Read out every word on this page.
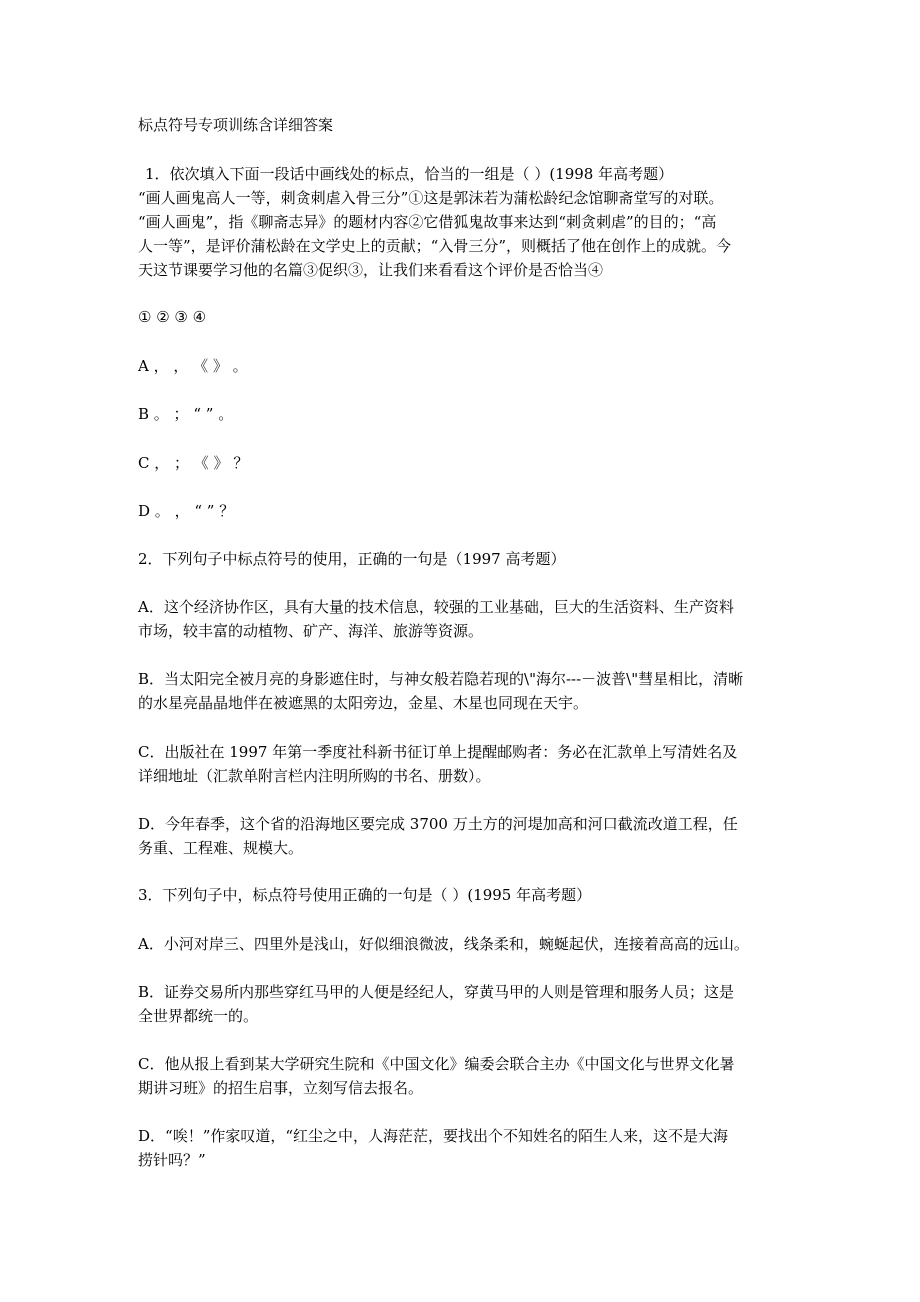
标点符号专项训练含详细答案
1．依次填入下面一段话中画线处的标点，恰当的一组是（ ）(1998 年高考题）
“画人画鬼高人一等，刺贪刺虐入骨三分”①这是郭沫若为蒲松龄纪念馆聊斋堂写的对联。
“画人画鬼”，指《聊斋志异》的题材内容②它借狐鬼故事来达到“刺贪刺虐”的目的；“高
人一等”，是评价蒲松龄在文学史上的贡献；“入骨三分”，则概括了他在创作上的成就。今
天这节课要学习他的名篇③促织③，让我们来看看这个评价是否恰当④
① ② ③ ④
A ， ， 《 》 。
B 。 ； “ ” 。
C ， ； 《 》 ？
D 。 ， “ ” ？
2．下列句子中标点符号的使用，正确的一句是（1997 高考题）
A．这个经济协作区，具有大量的技术信息，较强的工业基础，巨大的生活资料、生产资料
市场，较丰富的动植物、矿产、海洋、旅游等资源。
B．当太阳完全被月亮的身影遮住时，与神女般若隐若现的\"海尔---－波普\"彗星相比，清晰
的水星亮晶晶地伴在被遮黑的太阳旁边，金星、木星也同现在天宇。
C．出版社在 1997 年第一季度社科新书征订单上提醒邮购者：务必在汇款单上写清姓名及
详细地址（汇款单附言栏内注明所购的书名、册数）。
D．今年春季，这个省的沿海地区要完成 3700 万土方的河堤加高和河口截流改道工程，任
务重、工程难、规模大。
3．下列句子中，标点符号使用正确的一句是（ ）(1995 年高考题）
A．小河对岸三、四里外是浅山，好似细浪微波，线条柔和，蜿蜒起伏，连接着高高的远山。
B．证券交易所内那些穿红马甲的人便是经纪人，穿黄马甲的人则是管理和服务人员；这是
全世界都统一的。
C．他从报上看到某大学研究生院和《中国文化》编委会联合主办《中国文化与世界文化暑
期讲习班》的招生启事，立刻写信去报名。
D．“唉！”作家叹道，“红尘之中，人海茫茫，要找出个不知姓名的陌生人来，这不是大海
捞针吗？”
